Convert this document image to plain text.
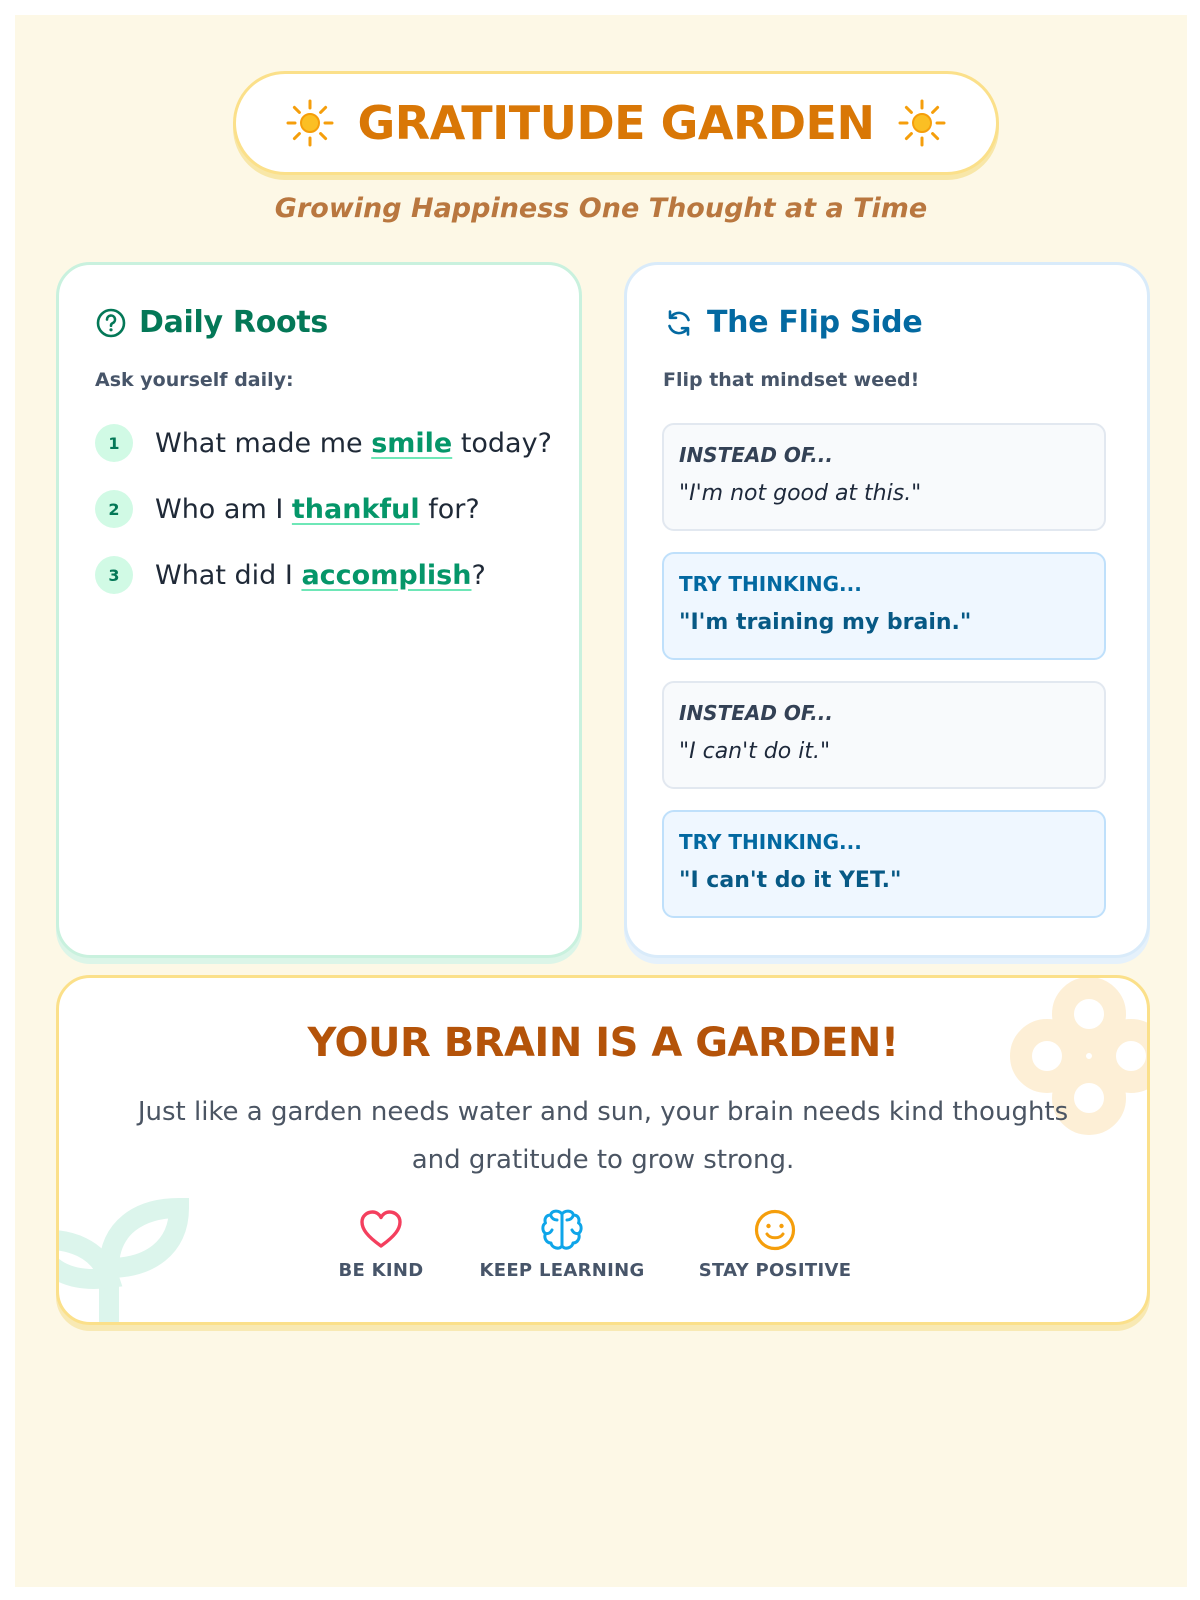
GRATITUDE GARDEN
Growing Happiness One Thought at a Time
Daily Roots
Ask yourself daily:
1	What made me smile today?
2	Who am I thankful for?
3	What did I accomplish?
The Flip Side
Flip that mindset weed!
INSTEAD OF...
"I'm not good at this."
TRY THINKING...
"I'm training my brain."
INSTEAD OF...
"I can't do it."
TRY THINKING...
"I can't do it YET."
YOUR BRAIN IS A GARDEN!
Just like a garden needs water and sun, your brain needs kind thoughts and gratitude to grow strong.
BE KIND	KEEP LEARNING	STAY POSITIVE
